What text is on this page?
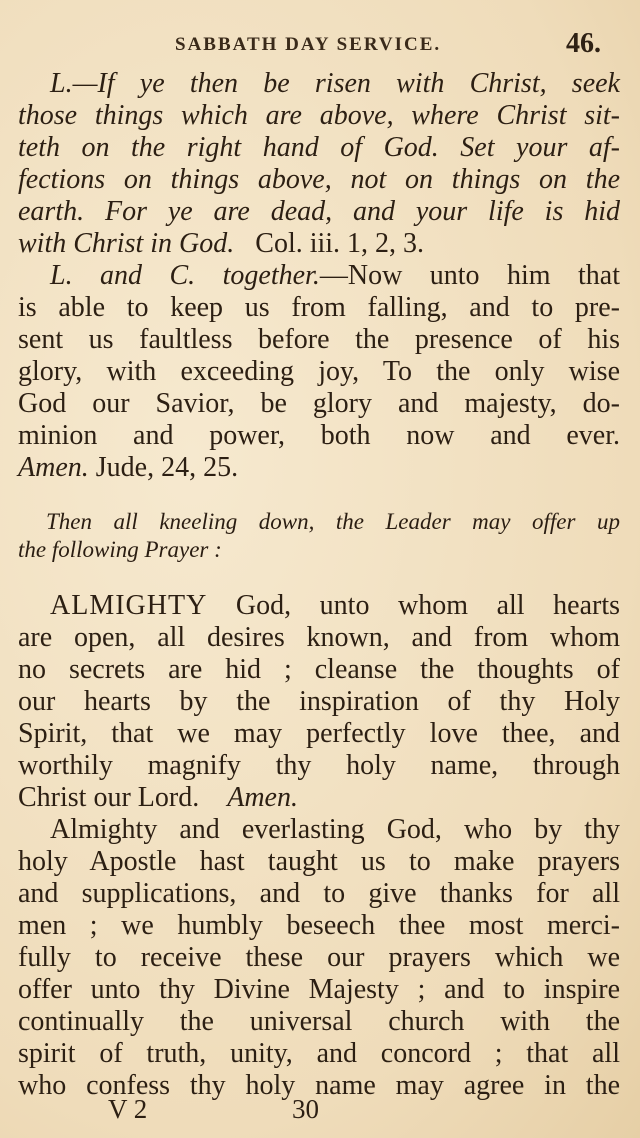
SABBATH DAY SERVICE.	46.
L.—If ye then be risen with Christ, seek
those things which are above, where Christ sit-
teth on the right hand of God. Set your af-
fections on things above, not on things on the
earth. For ye are dead, and your life is hid
with Christ in God. Col. iii. 1, 2, 3.
L. and C. together.—Now unto him that
is able to keep us from falling, and to pre-
sent us faultless before the presence of his
glory, with exceeding joy, To the only wise
God our Savior, be glory and majesty, do-
minion and power, both now and ever.
Amen. Jude, 24, 25.
Then all kneeling down, the Leader may offer up
the following Prayer :
ALMIGHTY God, unto whom all hearts
are open, all desires known, and from whom
no secrets are hid ; cleanse the thoughts of
our hearts by the inspiration of thy Holy
Spirit, that we may perfectly love thee, and
worthily magnify thy holy name, through
Christ our Lord. Amen.
Almighty and everlasting God, who by thy
holy Apostle hast taught us to make prayers
and supplications, and to give thanks for all
men ; we humbly beseech thee most merci-
fully to receive these our prayers which we
offer unto thy Divine Majesty ; and to inspire
continually the universal church with the
spirit of truth, unity, and concord ; that all
who confess thy holy name may agree in the
V 2	30
